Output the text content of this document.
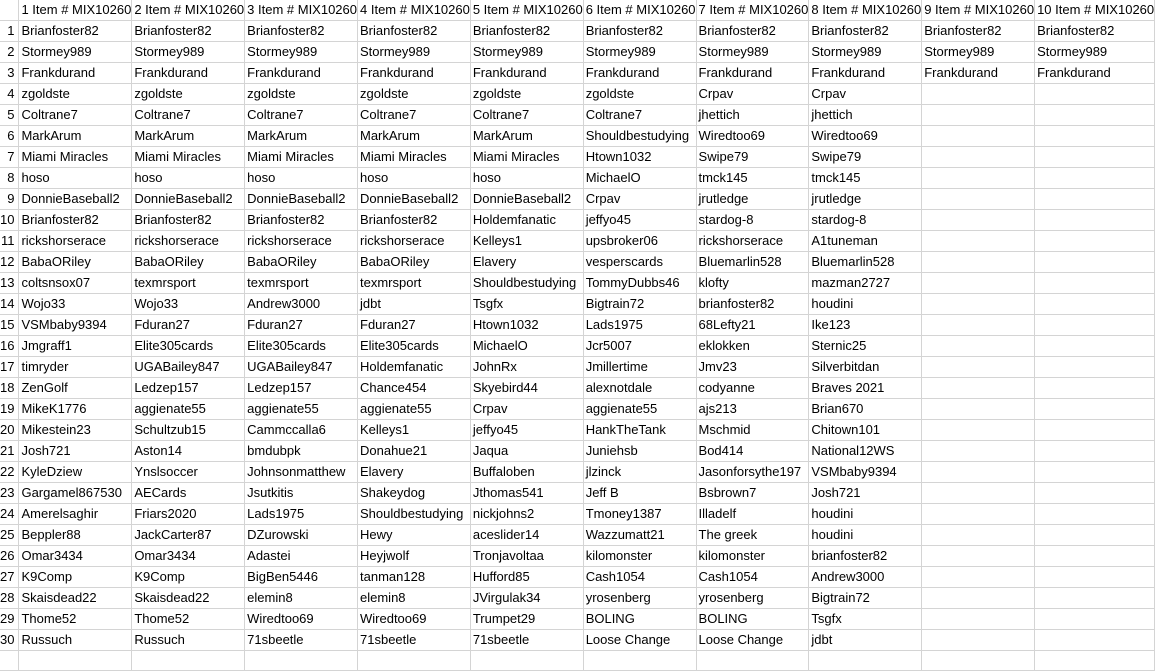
	1 Item # MIX10260	2 Item # MIX10260	3 Item # MIX10260	4 Item # MIX10260	5 Item # MIX10260	6 Item # MIX10260	7 Item # MIX10260	8 Item # MIX10260	9 Item # MIX10260	10 Item # MIX10260
1	Brianfoster82	Brianfoster82	Brianfoster82	Brianfoster82	Brianfoster82	Brianfoster82	Brianfoster82	Brianfoster82	Brianfoster82	Brianfoster82
2	Stormey989	Stormey989	Stormey989	Stormey989	Stormey989	Stormey989	Stormey989	Stormey989	Stormey989	Stormey989
3	Frankdurand	Frankdurand	Frankdurand	Frankdurand	Frankdurand	Frankdurand	Frankdurand	Frankdurand	Frankdurand	Frankdurand
4	zgoldste	zgoldste	zgoldste	zgoldste	zgoldste	zgoldste	Crpav	Crpav		
5	Coltrane7	Coltrane7	Coltrane7	Coltrane7	Coltrane7	Coltrane7	jhettich	jhettich		
6	MarkArum	MarkArum	MarkArum	MarkArum	MarkArum	Shouldbestudying	Wiredtoo69	Wiredtoo69		
7	Miami Miracles	Miami Miracles	Miami Miracles	Miami Miracles	Miami Miracles	Htown1032	Swipe79	Swipe79		
8	hoso	hoso	hoso	hoso	hoso	MichaelO	tmck145	tmck145		
9	DonnieBaseball2	DonnieBaseball2	DonnieBaseball2	DonnieBaseball2	DonnieBaseball2	Crpav	jrutledge	jrutledge		
10	Brianfoster82	Brianfoster82	Brianfoster82	Brianfoster82	Holdemfanatic	jeffyo45	stardog-8	stardog-8		
11	rickshorserace	rickshorserace	rickshorserace	rickshorserace	Kelleys1	upsbroker06	rickshorserace	A1tuneman		
12	BabaORiley	BabaORiley	BabaORiley	BabaORiley	Elavery	vesperscards	Bluemarlin528	Bluemarlin528		
13	coltsnsox07	texmrsport	texmrsport	texmrsport	Shouldbestudying	TommyDubbs46	klofty	mazman2727		
14	Wojo33	Wojo33	Andrew3000	jdbt	Tsgfx	Bigtrain72	brianfoster82	houdini		
15	VSMbaby9394	Fduran27	Fduran27	Fduran27	Htown1032	Lads1975	68Lefty21	Ike123		
16	Jmgraff1	Elite305cards	Elite305cards	Elite305cards	MichaelO	Jcr5007	eklokken	Sternic25		
17	timryder	UGABailey847	UGABailey847	Holdemfanatic	JohnRx	Jmillertime	Jmv23	Silverbitdan		
18	ZenGolf	Ledzep157	Ledzep157	Chance454	Skyebird44	alexnotdale	codyanne	Braves 2021		
19	MikeK1776	aggienate55	aggienate55	aggienate55	Crpav	aggienate55	ajs213	Brian670		
20	Mikestein23	Schultzub15	Cammccalla6	Kelleys1	jeffyo45	HankTheTank	Mschmid	Chitown101		
21	Josh721	Aston14	bmdubpk	Donahue21	Jaqua	Juniehsb	Bod414	National12WS		
22	KyleDziew	Ynslsoccer	Johnsonmatthew	Elavery	Buffaloben	jlzinck	Jasonforsythe197	VSMbaby9394		
23	Gargamel867530	AECards	Jsutkitis	Shakeydog	Jthomas541	Jeff B	Bsbrown7	Josh721		
24	Amerelsaghir	Friars2020	Lads1975	Shouldbestudying	nickjohns2	Tmoney1387	Illadelf	houdini		
25	Beppler88	JackCarter87	DZurowski	Hewy	aceslider14	Wazzumatt21	The greek	houdini		
26	Omar3434	Omar3434	Adastei	Heyjwolf	Tronjavoltaa	kilomonster	kilomonster	brianfoster82		
27	K9Comp	K9Comp	BigBen5446	tanman128	Hufford85	Cash1054	Cash1054	Andrew3000		
28	Skaisdead22	Skaisdead22	elemin8	elemin8	JVirgulak34	yrosenberg	yrosenberg	Bigtrain72		
29	Thome52	Thome52	Wiredtoo69	Wiredtoo69	Trumpet29	BOLING	BOLING	Tsgfx		
30	Russuch	Russuch	71sbeetle	71sbeetle	71sbeetle	Loose Change	Loose Change	jdbt		
